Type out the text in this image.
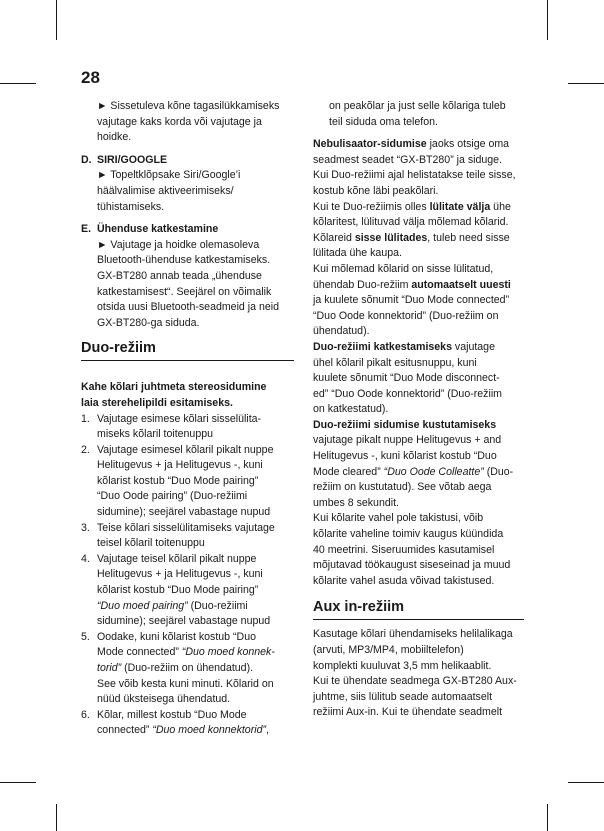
28
► Sissetuleva kõne tagasilükkamiseks
vajutage kaks korda või vajutage ja
hoidke.
D. SIRI/GOOGLE
► Topeltklõpsake Siri/Google’i
häälvalimise aktiveerimiseks/
tühistamiseks.
E. Ühenduse katkestamine
► Vajutage ja hoidke olemasoleva
Bluetooth-ühenduse katkestamiseks.
GX-BT280 annab teada „ühenduse
katkestamisest“. Seejärel on võimalik
otsida uusi Bluetooth-seadmeid ja neid
GX-BT280-ga siduda.
Duo-režiim
Kahe kõlari juhtmeta stereosidumine
laia sterehelipildi esitamiseks.
1. Vajutage esimese kõlari sisselülita-
miseks kõlaril toitenuppu
2. Vajutage esimesel kõlaril pikalt nuppe
Helitugevus + ja Helitugevus -, kuni
kõlarist kostub “Duo Mode pairing”
“Duo Oode pairing” (Duo-režiimi
sidumine); seejärel vabastage nupud
3. Teise kõlari sisselülitamiseks vajutage
teisel kõlaril toitenuppu
4. Vajutage teisel kõlaril pikalt nuppe
Helitugevus + ja Helitugevus -, kuni
kõlarist kostub “Duo Mode pairing”
“Duo moed pairing” (Duo-režiimi
sidumine); seejärel vabastage nupud
5. Oodake, kuni kõlarist kostub “Duo
Mode connected” “Duo moed konnek-
torid” (Duo-režiim on ühendatud).
See võib kesta kuni minuti. Kõlarid on
nüüd üksteisega ühendatud.
6. Kõlar, millest kostub “Duo Mode
connected” “Duo moed konnektorid”,
on peakõlar ja just selle kõlariga tuleb
teil siduda oma telefon.
Nebulisaator-sidumise jaoks otsige oma
seadmest seadet “GX-BT280” ja siduge.
Kui Duo-režiimi ajal helistatakse teile sisse,
kostub kõne läbi peakõlari.
Kui te Duo-režiimis olles lülitate välja ühe
kõlaritest, lülituvad välja mõlemad kõlarid.
Kõlareid sisse lülitades, tuleb need sisse
lülitada ühe kaupa.
Kui mõlemad kõlarid on sisse lülitatud,
ühendab Duo-režiim automaatselt uuesti
ja kuulete sõnumit “Duo Mode connected”
“Duo Oode konnektorid” (Duo-režiim on
ühendatud).
Duo-režiimi katkestamiseks vajutage
ühel kõlaril pikalt esitusnuppu, kuni
kuulete sõnumit “Duo Mode disconnect-
ed” “Duo Oode konnektorid” (Duo-režiim
on katkestatud).
Duo-režiimi sidumise kustutamiseks
vajutage pikalt nuppe Helitugevus + and
Helitugevus -, kuni kõlarist kostub “Duo
Mode cleared” “Duo Oode Colleatte” (Duo-
režiim on kustutatud). See võtab aega
umbes 8 sekundit.
Kui kõlarite vahel pole takistusi, võib
kõlarite vaheline toimiv kaugus küündida
40 meetrini. Siseruumides kasutamisel
mõjutavad töökaugust siseseinad ja muud
kõlarite vahel asuda võivad takistused.
Aux in-režiim
Kasutage kõlari ühendamiseks helilalikaga
(arvuti, MP3/MP4, mobiiltelefon)
komplekti kuuluvat 3,5 mm helikaablit.
Kui te ühendate seadmega GX-BT280 Aux-
juhtme, siis lülitub seade automaatselt
režiimi Aux-in. Kui te ühendate seadmelt
